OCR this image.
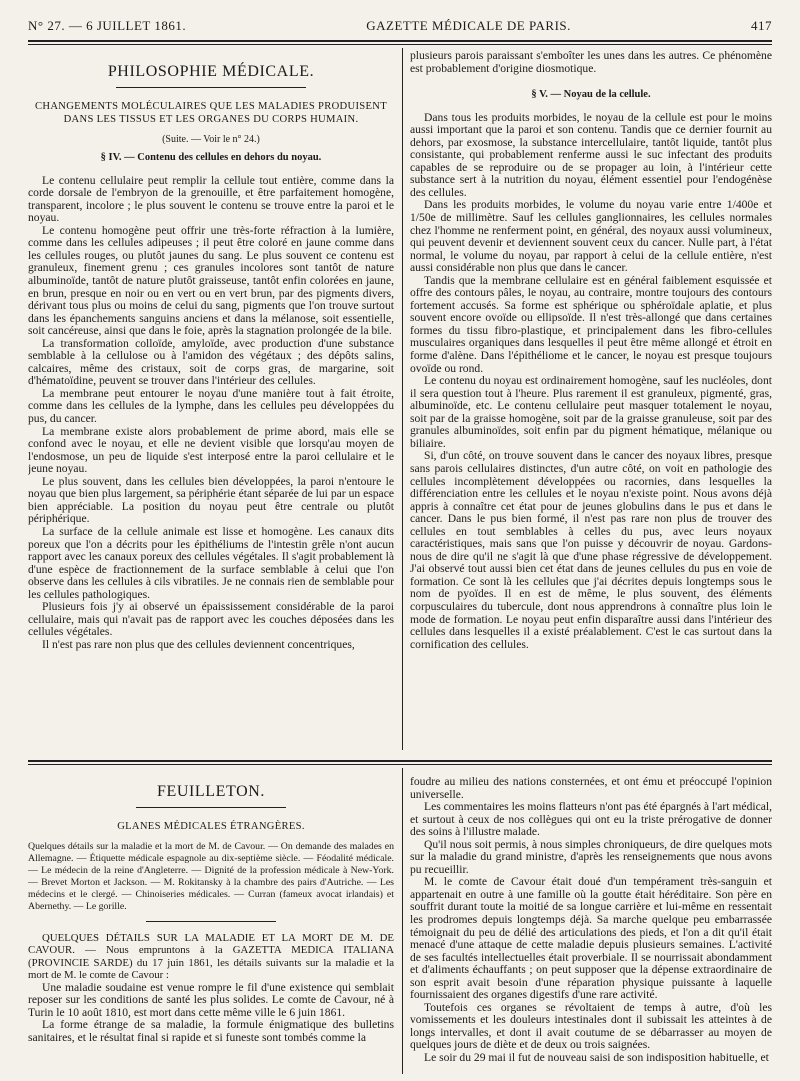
N° 27. — 6 JUILLET 1861.	GAZETTE MÉDICALE DE PARIS.	417
PHILOSOPHIE MÉDICALE.
CHANGEMENTS MOLÉCULAIRES QUE LES MALADIES PRODUISENT DANS LES TISSUS ET LES ORGANES DU CORPS HUMAIN.
(Suite. — Voir le n° 24.)
§ IV. — Contenu des cellules en dehors du noyau.

Le contenu cellulaire peut remplir la cellule tout entière, comme dans la corde dorsale de l'embryon de la grenouille, et être parfaitement homogène, transparent, incolore ; le plus souvent le contenu se trouve entre la paroi et le noyau.

Le contenu homogène peut offrir une très-forte réfraction à la lumière, comme dans les cellules adipeuses ; il peut être coloré en jaune comme dans les cellules rouges, ou plutôt jaunes du sang. Le plus souvent ce contenu est granuleux, finement grenu ; ces granules incolores sont tantôt de nature albuminoïde, tantôt de nature plutôt graisseuse, tantôt enfin colorées en jaune, en brun, presque en noir ou en vert ou en vert brun, par des pigments divers, dérivant tous plus ou moins de celui du sang, pigments que l'on trouve surtout dans les épanchements sanguins anciens et dans la mélanose, soit essentielle, soit cancéreuse, ainsi que dans le foie, après la stagnation prolongée de la bile.

La transformation colloïde, amyloïde, avec production d'une substance semblable à la cellulose ou à l'amidon des végétaux ; des dépôts salins, calcaires, même des cristaux, soit de corps gras, de margarine, soit d'hématoïdine, peuvent se trouver dans l'intérieur des cellules.

La membrane peut entourer le noyau d'une manière tout à fait étroite, comme dans les cellules de la lymphe, dans les cellules peu développées du pus, du cancer.

La membrane existe alors probablement de prime abord, mais elle se confond avec le noyau, et elle ne devient visible que lorsqu'au moyen de l'endosmose, un peu de liquide s'est interposé entre la paroi cellulaire et le jeune noyau.

Le plus souvent, dans les cellules bien développées, la paroi n'entoure le noyau que bien plus largement, sa périphérie étant séparée de lui par un espace bien appréciable. La position du noyau peut être centrale ou plutôt périphérique.

La surface de la cellule animale est lisse et homogène. Les canaux dits poreux que l'on a décrits pour les épithéliums de l'intestin grêle n'ont aucun rapport avec les canaux poreux des cellules végétales. Il s'agit probablement là d'une espèce de fractionnement de la surface semblable à celui que l'on observe dans les cellules à cils vibratiles. Je ne connais rien de semblable pour les cellules pathologiques.

Plusieurs fois j'y ai observé un épaississement considérable de la paroi cellulaire, mais qui n'avait pas de rapport avec les couches déposées dans les cellules végétales.

Il n'est pas rare non plus que des cellules deviennent concentriques,

plusieurs parois paraissant s'emboîter les unes dans les autres. Ce phénomène est probablement d'origine diosmotique.

§ V. — Noyau de la cellule.

Dans tous les produits morbides, le noyau de la cellule est pour le moins aussi important que la paroi et son contenu. Tandis que ce dernier fournit au dehors, par exosmose, la substance intercellulaire, tantôt liquide, tantôt plus consistante, qui probablement renferme aussi le suc infectant des produits capables de se reproduire ou de se propager au loin, à l'intérieur cette substance sert à la nutrition du noyau, élément essentiel pour l'endogénèse des cellules.

Dans les produits morbides, le volume du noyau varie entre 1/400e et 1/50e de millimètre. Sauf les cellules ganglionnaires, les cellules normales chez l'homme ne renferment point, en général, des noyaux aussi volumineux, qui peuvent devenir et deviennent souvent ceux du cancer. Nulle part, à l'état normal, le volume du noyau, par rapport à celui de la cellule entière, n'est aussi considérable non plus que dans le cancer.

Tandis que la membrane cellulaire est en général faiblement esquissée et offre des contours pâles, le noyau, au contraire, montre toujours des contours fortement accusés. Sa forme est sphérique ou sphéroïdale aplatie, et plus souvent encore ovoïde ou ellipsoïde. Il n'est très-allongé que dans certaines formes du tissu fibro-plastique, et principalement dans les fibro-cellules musculaires organiques dans lesquelles il peut être même allongé et étroit en forme d'alène. Dans l'épithéliome et le cancer, le noyau est presque toujours ovoïde ou rond.

Le contenu du noyau est ordinairement homogène, sauf les nucléoles, dont il sera question tout à l'heure. Plus rarement il est granuleux, pigmenté, gras, albuminoïde, etc. Le contenu cellulaire peut masquer totalement le noyau, soit par de la graisse homogène, soit par de la graisse granuleuse, soit par des granules albuminoïdes, soit enfin par du pigment hématique, mélanique ou biliaire.

Si, d'un côté, on trouve souvent dans le cancer des noyaux libres, presque sans parois cellulaires distinctes, d'un autre côté, on voit en pathologie des cellules incomplètement développées ou racornies, dans lesquelles la différenciation entre les cellules et le noyau n'existe point. Nous avons déjà appris à connaître cet état pour de jeunes globulins dans le pus et dans le cancer. Dans le pus bien formé, il n'est pas rare non plus de trouver des cellules en tout semblables à celles du pus, avec leurs noyaux caractéristiques, mais sans que l'on puisse y découvrir de noyau. Gardons-nous de dire qu'il ne s'agit là que d'une phase régressive de développement. J'ai observé tout aussi bien cet état dans de jeunes cellules du pus en voie de formation. Ce sont là les cellules que j'ai décrites depuis longtemps sous le nom de pyoïdes. Il en est de même, le plus souvent, des éléments corpusculaires du tubercule, dont nous apprendrons à connaître plus loin le mode de formation. Le noyau peut enfin disparaître aussi dans l'intérieur des cellules dans lesquelles il a existé préalablement. C'est le cas surtout dans la cornification des cellules.

FEUILLETON.
GLANES MÉDICALES ÉTRANGÈRES.
Quelques détails sur la maladie et la mort de M. de Cavour. — On demande des malades en Allemagne. — Étiquette médicale espagnole au dix-septième siècle. — Féodalité médicale. — Le médecin de la reine d'Angleterre. — Dignité de la profession médicale à New-York. — Brevet Morton et Jackson. — M. Rokitansky à la chambre des pairs d'Autriche. — Les médecins et le clergé. — Chinoiseries médicales. — Curran (fameux avocat irlandais) et Abernethy. — Le gorille.

QUELQUES DÉTAILS SUR LA MALADIE ET LA MORT DE M. DE CAVOUR. — Nous empruntons à la GAZETTA MEDICA ITALIANA (PROVINCIE SARDE) du 17 juin 1861, les détails suivants sur la maladie et la mort de M. le comte de Cavour :

Une maladie soudaine est venue rompre le fil d'une existence qui semblait reposer sur les conditions de santé les plus solides. Le comte de Cavour, né à Turin le 10 août 1810, est mort dans cette même ville le 6 juin 1861.

La forme étrange de sa maladie, la formule énigmatique des bulletins sanitaires, et le résultat final si rapide et si funeste sont tombés comme la

foudre au milieu des nations consternées, et ont ému et préoccupé l'opinion universelle.

Les commentaires les moins flatteurs n'ont pas été épargnés à l'art médical, et surtout à ceux de nos collègues qui ont eu la triste prérogative de donner des soins à l'illustre malade.

Qu'il nous soit permis, à nous simples chroniqueurs, de dire quelques mots sur la maladie du grand ministre, d'après les renseignements que nous avons pu recueillir.

M. le comte de Cavour était doué d'un tempérament très-sanguin et appartenait en outre à une famille où la goutte était héréditaire. Son père en souffrit durant toute la moitié de sa longue carrière et lui-même en ressentait les prodromes depuis longtemps déjà. Sa marche quelque peu embarrassée témoignait du peu de délié des articulations des pieds, et l'on a dit qu'il était menacé d'une attaque de cette maladie depuis plusieurs semaines. L'activité de ses facultés intellectuelles était proverbiale. Il se nourrissait abondamment et d'aliments échauffants ; on peut supposer que la dépense extraordinaire de son esprit avait besoin d'une réparation physique puissante à laquelle fournissaient des organes digestifs d'une rare activité.

Toutefois ces organes se révoltaient de temps à autre, d'où les vomissements et les douleurs intestinales dont il subissait les atteintes à de longs intervalles, et dont il avait coutume de se débarrasser au moyen de quelques jours de diète et de deux ou trois saignées.

Le soir du 29 mai il fut de nouveau saisi de son indisposition habituelle, et
